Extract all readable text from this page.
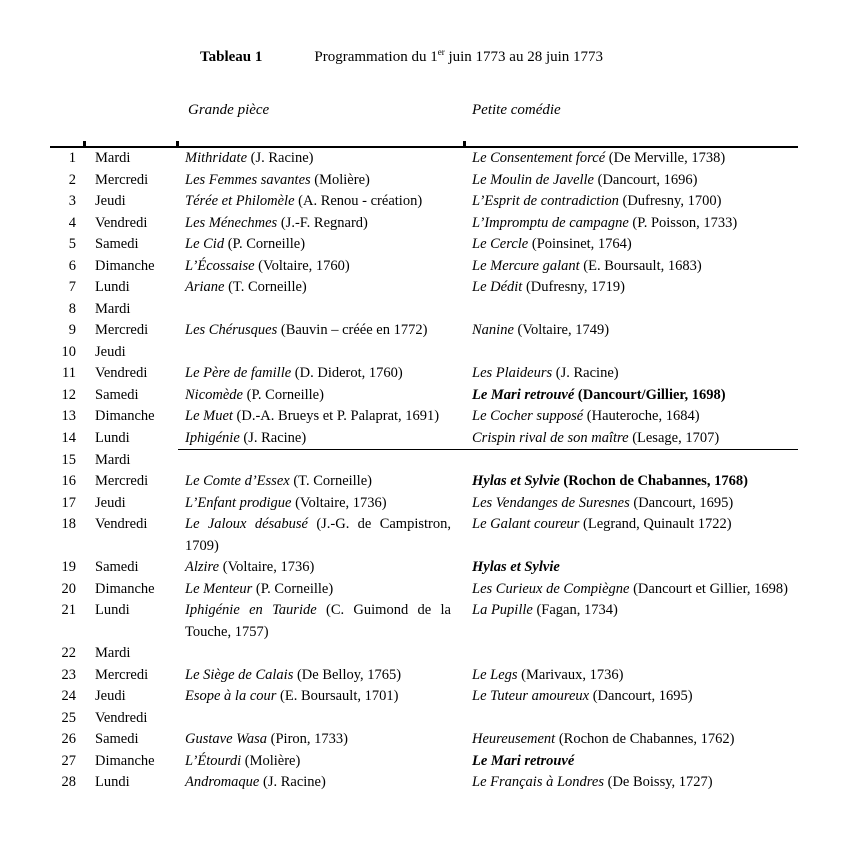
Tableau 1	Programmation du 1er juin 1773 au 28 juin 1773
Grande pièce	Petite comédie
1	Mardi	Mithridate (J. Racine)	Le Consentement forcé (De Merville, 1738)
2	Mercredi	Les Femmes savantes (Molière)	Le Moulin de Javelle (Dancourt, 1696)
3	Jeudi	Térée et Philomèle (A. Renou - création)	L’Esprit de contradiction (Dufresny, 1700)
4	Vendredi	Les Ménechmes (J.-F. Regnard)	L’Impromptu de campagne (P. Poisson, 1733)
5	Samedi	Le Cid (P. Corneille)	Le Cercle (Poinsinet, 1764)
6	Dimanche	L’Écossaise (Voltaire, 1760)	Le Mercure galant (E. Boursault, 1683)
7	Lundi	Ariane (T. Corneille)	Le Dédit (Dufresny, 1719)
8	Mardi		
9	Mercredi	Les Chérusques (Bauvin – créée en 1772)	Nanine (Voltaire, 1749)
10	Jeudi		
11	Vendredi	Le Père de famille (D. Diderot, 1760)	Les Plaideurs (J. Racine)
12	Samedi	Nicomède (P. Corneille)	Le Mari retrouvé (Dancourt/Gillier, 1698)
13	Dimanche	Le Muet (D.-A. Brueys et P. Palaprat, 1691)	Le Cocher supposé (Hauteroche, 1684)
14	Lundi	Iphigénie (J. Racine)	Crispin rival de son maître (Lesage, 1707)
15	Mardi		
16	Mercredi	Le Comte d’Essex (T. Corneille)	Hylas et Sylvie (Rochon de Chabannes, 1768)
17	Jeudi	L’Enfant prodigue (Voltaire, 1736)	Les Vendanges de Suresnes (Dancourt, 1695)
18	Vendredi	Le Jaloux désabusé (J.-G. de Campistron, 1709)	Le Galant coureur (Legrand, Quinault 1722)
19	Samedi	Alzire (Voltaire, 1736)	Hylas et Sylvie
20	Dimanche	Le Menteur (P. Corneille)	Les Curieux de Compiègne (Dancourt et Gillier, 1698)
21	Lundi	Iphigénie en Tauride (C. Guimond de la Touche, 1757)	La Pupille (Fagan, 1734)
22	Mardi		
23	Mercredi	Le Siège de Calais (De Belloy, 1765)	Le Legs (Marivaux, 1736)
24	Jeudi	Esope à la cour (E. Boursault, 1701)	Le Tuteur amoureux (Dancourt, 1695)
25	Vendredi		
26	Samedi	Gustave Wasa (Piron, 1733)	Heureusement (Rochon de Chabannes, 1762)
27	Dimanche	L’Étourdi (Molière)	Le Mari retrouvé
28	Lundi	Andromaque (J. Racine)	Le Français à Londres (De Boissy, 1727)
